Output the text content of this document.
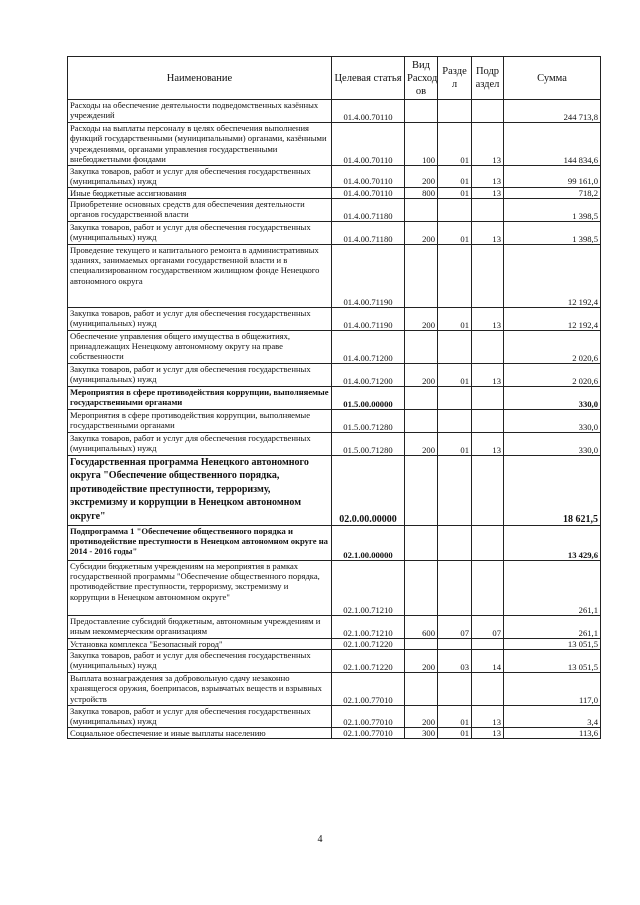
Наименование	Целевая статья	Вид Расход ов	Разде л	Подр аздел	Сумма
Расходы на обеспечение деятельности подведомственных казённых учреждений	01.4.00.70110				244 713,8
Расходы на выплаты персоналу в целях обеспечения выполнения функций государственными (муниципальными) органами, казёнными учреждениями, органами управления государственными внебюджетными фондами	01.4.00.70110	100	01	13	144 834,6
Закупка товаров, работ и услуг для обеспечения государственных (муниципальных) нужд	01.4.00.70110	200	01	13	99 161,0
Иные бюджетные ассигнования	01.4.00.70110	800	01	13	718,2
Приобретение основных средств для обеспечения деятельности органов государственной власти	01.4.00.71180				1 398,5
Закупка товаров, работ и услуг для обеспечения государственных (муниципальных) нужд	01.4.00.71180	200	01	13	1 398,5
Проведение текущего и капитального ремонта в административных зданиях, занимаемых органами государственной власти и в специализированном государственном жилищном фонде Ненецкого автономного округа	01.4.00.71190				12 192,4
Закупка товаров, работ и услуг для обеспечения государственных (муниципальных) нужд	01.4.00.71190	200	01	13	12 192,4
Обеспечение управления общего имущества в общежитиях, принадлежащих Ненецкому автономному округу на праве собственности	01.4.00.71200				2 020,6
Закупка товаров, работ и услуг для обеспечения государственных (муниципальных) нужд	01.4.00.71200	200	01	13	2 020,6
Мероприятия в сфере противодействия коррупции, выполняемые государственными органами	01.5.00.00000				330,0
Мероприятия в сфере противодействия коррупции, выполняемые государственными органами	01.5.00.71280				330,0
Закупка товаров, работ и услуг для обеспечения государственных (муниципальных) нужд	01.5.00.71280	200	01	13	330,0
Государственная программа Ненецкого автономного округа "Обеспечение общественного порядка, противодействие преступности, терроризму, экстремизму и коррупции в Ненецком автономном округе"	02.0.00.00000				18 621,5
Подпрограмма 1 "Обеспечение общественного порядка и противодействие преступности в Ненецком автономном округе на 2014 - 2016 годы"	02.1.00.00000				13 429,6
Субсидии бюджетным учреждениям на мероприятия в рамках государственной программы "Обеспечение общественного порядка, противодействие преступности, терроризму, экстремизму и коррупции в Ненецком автономном округе"	02.1.00.71210				261,1
Предоставление субсидий бюджетным, автономным учреждениям и иным некоммерческим организациям	02.1.00.71210	600	07	07	261,1
Установка комплекса "Безопасный город"	02.1.00.71220				13 051,5
Закупка товаров, работ и услуг для обеспечения государственных (муниципальных) нужд	02.1.00.71220	200	03	14	13 051,5
Выплата вознаграждения за добровольную сдачу незаконно хранящегося оружия, боеприпасов, взрывчатых веществ и взрывных устройств	02.1.00.77010				117,0
Закупка товаров, работ и услуг для обеспечения государственных (муниципальных) нужд	02.1.00.77010	200	01	13	3,4
Социальное обеспечение и иные выплаты населению	02.1.00.77010	300	01	13	113,6
4
